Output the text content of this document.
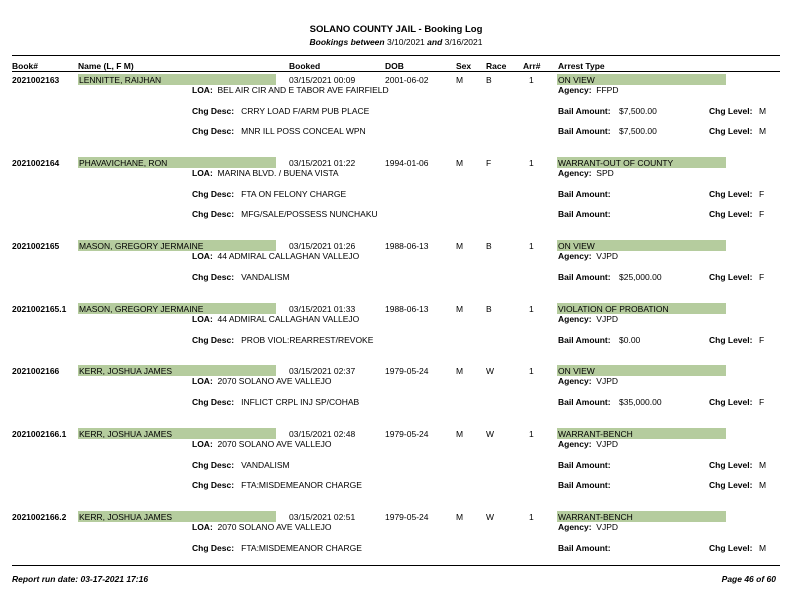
SOLANO COUNTY JAIL - Booking Log
Bookings between 3/10/2021 and 3/16/2021
Book#	Name (L, F M)	Booked	DOB	Sex Race Arr# Arrest Type
2021002163 LENNITTE, RAIJHAN	03/15/2021 00:09	2001-06-02	M	B	1	ON VIEW
LOA: BEL AIR CIR AND E TABOR AVE FAIRFIELD	Agency: FFPD
Chg Desc: CRRY LOAD F/ARM PUB PLACE	Bail Amount: $7,500.00	Chg Level: M
Chg Desc: MNR ILL POSS CONCEAL WPN	Bail Amount: $7,500.00	Chg Level: M
2021002164 PHAVAVICHANE, RON	03/15/2021 01:22	1994-01-06	M	F	1	WARRANT-OUT OF COUNTY
LOA: MARINA BLVD. / BUENA VISTA	Agency: SPD
Chg Desc: FTA ON FELONY CHARGE	Bail Amount:	Chg Level: F
Chg Desc: MFG/SALE/POSSESS NUNCHAKU	Bail Amount:	Chg Level: F
2021002165 MASON, GREGORY JERMAINE	03/15/2021 01:26	1988-06-13	M	B	1	ON VIEW
LOA: 44 ADMIRAL CALLAGHAN VALLEJO	Agency: VJPD
Chg Desc: VANDALISM	Bail Amount: $25,000.00	Chg Level: F
2021002165.1 MASON, GREGORY JERMAINE	03/15/2021 01:33	1988-06-13	M	B	1	VIOLATION OF PROBATION
LOA: 44 ADMIRAL CALLAGHAN VALLEJO	Agency: VJPD
Chg Desc: PROB VIOL:REARREST/REVOKE	Bail Amount: $0.00	Chg Level: F
2021002166 KERR, JOSHUA JAMES	03/15/2021 02:37	1979-05-24	M	W	1	ON VIEW
LOA: 2070 SOLANO AVE VALLEJO	Agency: VJPD
Chg Desc: INFLICT CRPL INJ SP/COHAB	Bail Amount: $35,000.00	Chg Level: F
2021002166.1 KERR, JOSHUA JAMES	03/15/2021 02:48	1979-05-24	M	W	1	WARRANT-BENCH
LOA: 2070 SOLANO AVE VALLEJO	Agency: VJPD
Chg Desc: VANDALISM	Bail Amount:	Chg Level: M
Chg Desc: FTA:MISDEMEANOR CHARGE	Bail Amount:	Chg Level: M
2021002166.2 KERR, JOSHUA JAMES	03/15/2021 02:51	1979-05-24	M	W	1	WARRANT-BENCH
LOA: 2070 SOLANO AVE VALLEJO	Agency: VJPD
Chg Desc: FTA:MISDEMEANOR CHARGE	Bail Amount:	Chg Level: M
Report run date: 03-17-2021 17:16	Page 46 of 60
